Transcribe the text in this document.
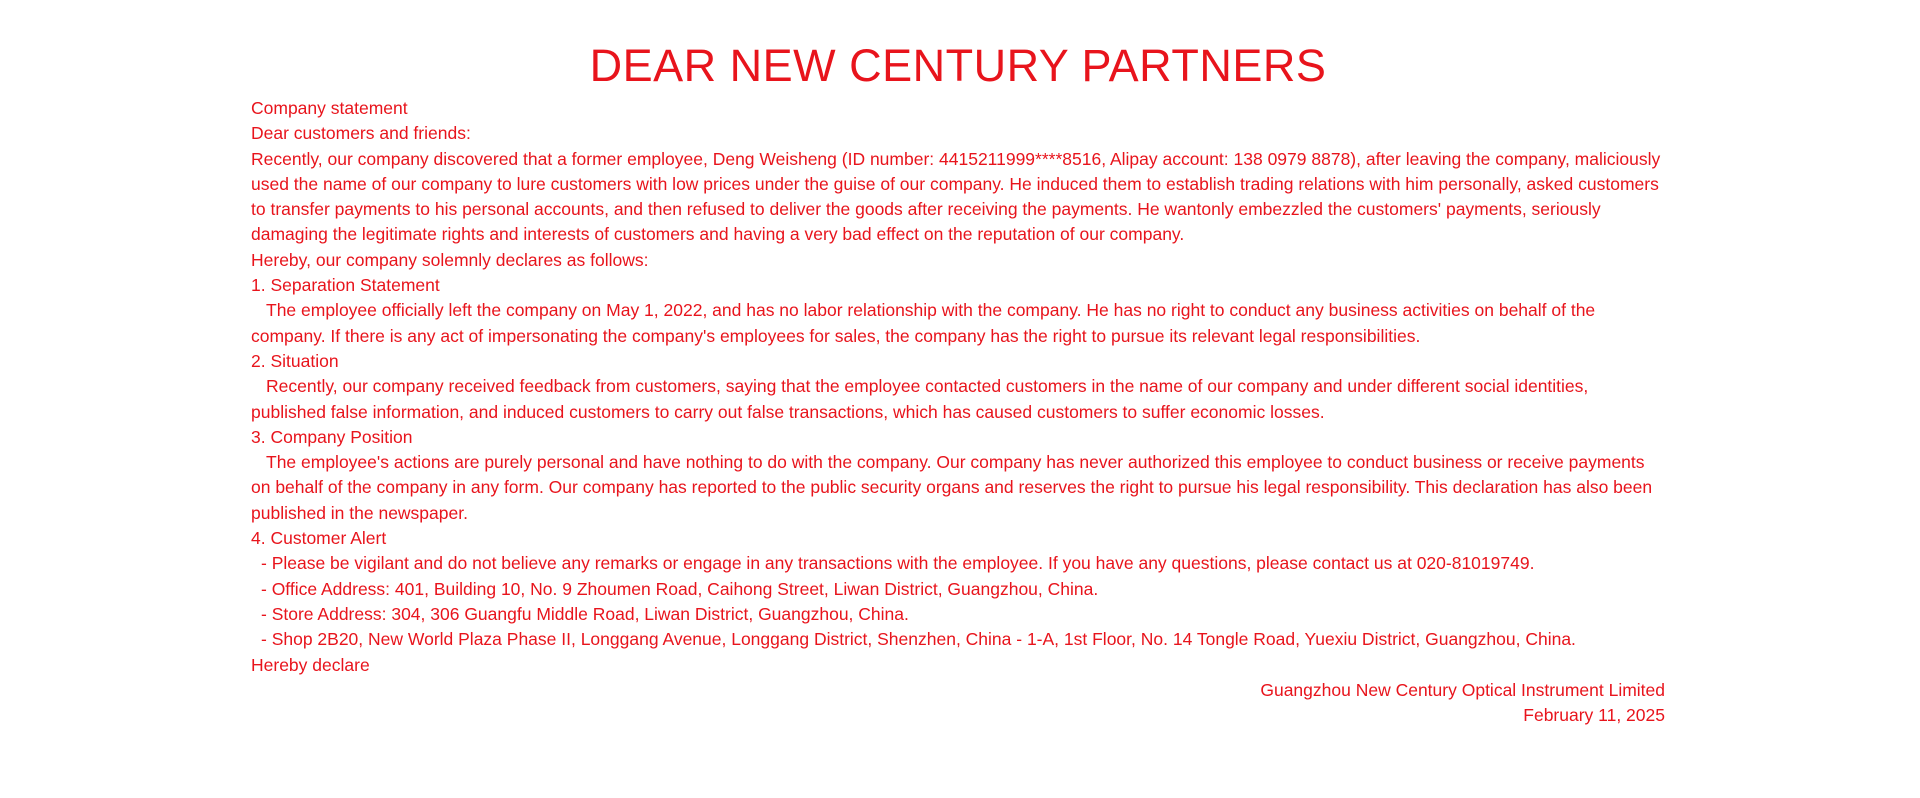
DEAR NEW CENTURY PARTNERS

Company statement

Dear customers and friends:

Recently, our company discovered that a former employee, Deng Weisheng (ID number: 4415211999****8516, Alipay account: 138 0979 8878), after leaving the company, maliciously used the name of our company to lure customers with low prices under the guise of our company. He induced them to establish trading relations with him personally, asked customers to transfer payments to his personal accounts, and then refused to deliver the goods after receiving the payments. He wantonly embezzled the customers' payments, seriously damaging the legitimate rights and interests of customers and having a very bad effect on the reputation of our company.

Hereby, our company solemnly declares as follows:

1. Separation Statement

The employee officially left the company on May 1, 2022, and has no labor relationship with the company. He has no right to conduct any business activities on behalf of the company. If there is any act of impersonating the company's employees for sales, the company has the right to pursue its relevant legal responsibilities.

2. Situation

Recently, our company received feedback from customers, saying that the employee contacted customers in the name of our company and under different social identities, published false information, and induced customers to carry out false transactions, which has caused customers to suffer economic losses.

3. Company Position

The employee's actions are purely personal and have nothing to do with the company. Our company has never authorized this employee to conduct business or receive payments on behalf of the company in any form. Our company has reported to the public security organs and reserves the right to pursue his legal responsibility. This declaration has also been published in the newspaper.

4. Customer Alert

- Please be vigilant and do not believe any remarks or engage in any transactions with the employee. If you have any questions, please contact us at 020-81019749.

- Office Address: 401, Building 10, No. 9 Zhoumen Road, Caihong Street, Liwan District, Guangzhou, China.

- Store Address: 304, 306 Guangfu Middle Road, Liwan District, Guangzhou, China.

- Shop 2B20, New World Plaza Phase II, Longgang Avenue, Longgang District, Shenzhen, China - 1-A, 1st Floor, No. 14 Tongle Road, Yuexiu District, Guangzhou, China.

Hereby declare

Guangzhou New Century Optical Instrument Limited

February 11, 2025
